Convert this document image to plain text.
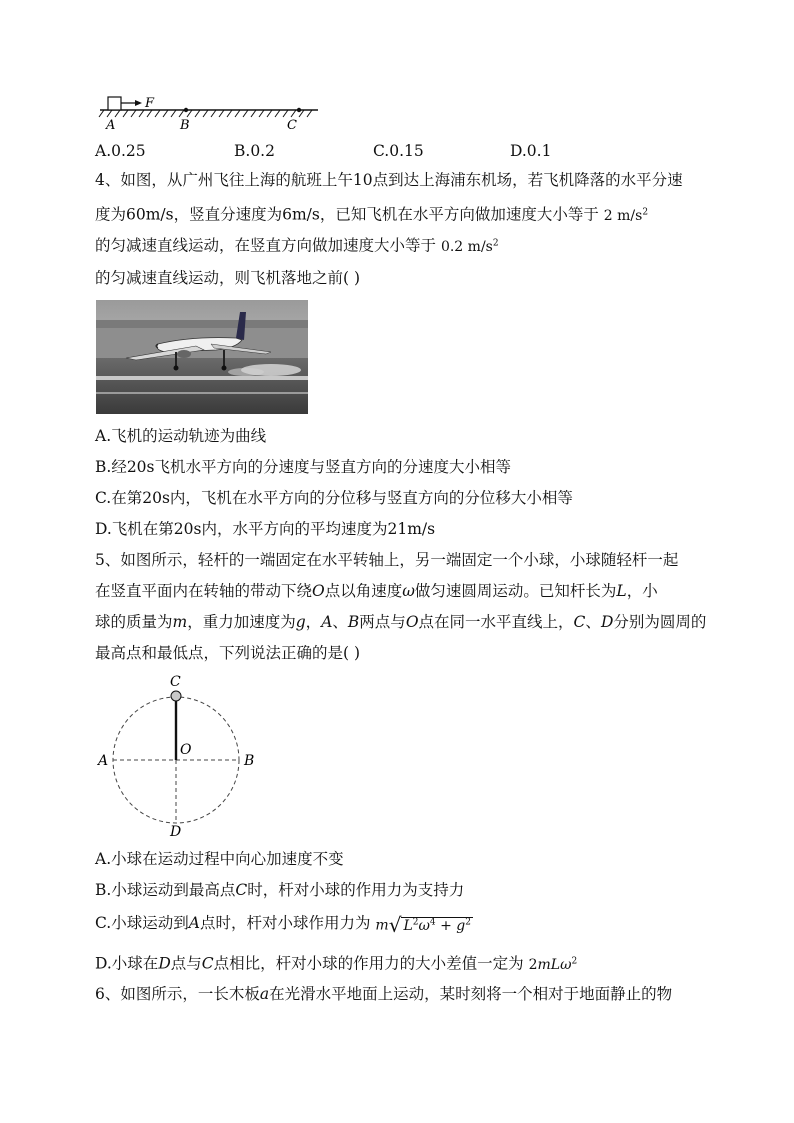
F
A	B	C
A.0.25	B.0.2	C.0.15	D.0.1
4、如图，从广州飞往上海的航班上午10点到达上海浦东机场，若飞机降落的水平分速
度为60m/s，竖直分速度为6m/s，已知飞机在水平方向做加速度大小等于 2 $m/s^2$
的匀减速直线运动，在竖直方向做加速度大小等于 0.2 $m/s^2$
的匀减速直线运动，则飞机落地之前( )
A.飞机的运动轨迹为曲线
B.经20s飞机水平方向的分速度与竖直方向的分速度大小相等
C.在第20s内，飞机在水平方向的分位移与竖直方向的分位移大小相等
D.飞机在第20s内，水平方向的平均速度为21m/s
5、如图所示，轻杆的一端固定在水平转轴上，另一端固定一个小球，小球随轻杆一起
在竖直平面内在转轴的带动下绕O点以角速度ω做匀速圆周运动。已知杆长为L，小
球的质量为m，重力加速度为g，A、B两点与O点在同一水平直线上，C、D分别为圆周的
最高点和最低点，下列说法正确的是( )
C
O
A	B
D
A.小球在运动过程中向心加速度不变
B.小球运动到最高点C时，杆对小球的作用力为支持力
C.小球运动到A点时，杆对小球作用力为 m√ $L^2\omega^4 + g^2$
D.小球在D点与C点相比，杆对小球的作用力的大小差值一定为 2mLω$^2$
6、如图所示，一长木板a在光滑水平地面上运动，某时刻将一个相对于地面静止的物
